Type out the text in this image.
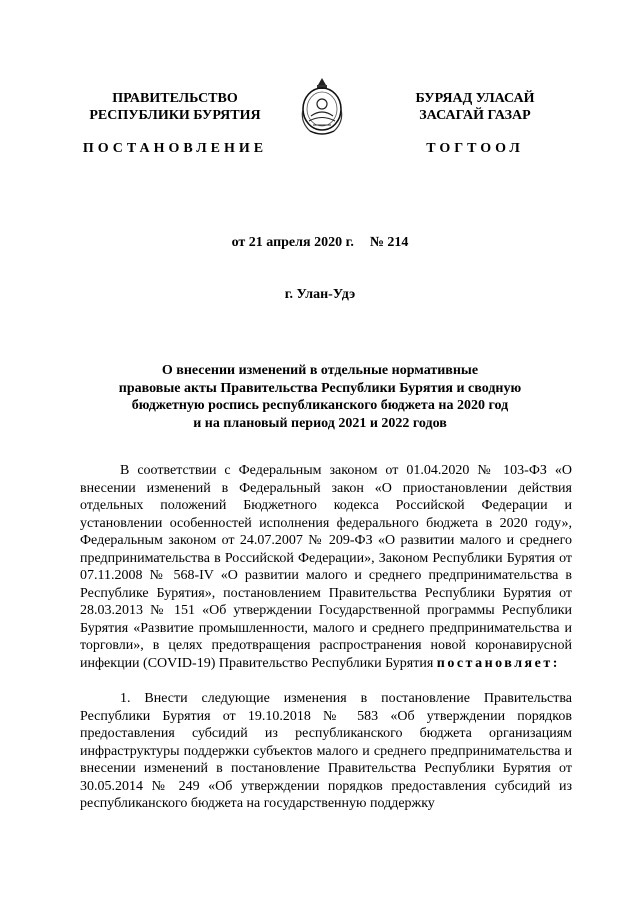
ПРАВИТЕЛЬСТВО
РЕСПУБЛИКИ БУРЯТИЯ
БУРЯАД УЛАСАЙ
ЗАСАГАЙ ГАЗАР
ПОСТАНОВЛЕНИЕ	ТОГТООЛ
от 21 апреля 2020 г. № 214
г. Улан-Удэ
О внесении изменений в отдельные нормативные
правовые акты Правительства Республики Бурятия и сводную
бюджетную роспись республиканского бюджета на 2020 год
и на плановый период 2021 и 2022 годов

В соответствии с Федеральным законом от 01.04.2020 № 103-ФЗ «О внесении изменений в Федеральный закон «О приостановлении действия отдельных положений Бюджетного кодекса Российской Федерации и установлении особенностей исполнения федерального бюджета в 2020 году», Федеральным законом от 24.07.2007 № 209-ФЗ «О развитии малого и среднего предпринимательства в Российской Федерации», Законом Республики Бурятия от 07.11.2008 № 568-IV «О развитии малого и среднего предпринимательства в Республике Бурятия», постановлением Правительства Республики Бурятия от 28.03.2013 № 151 «Об утверждении Государственной программы Республики Бурятия «Развитие промышленности, малого и среднего предпринимательства и торговли», в целях предотвращения распространения новой коронавирусной инфекции (COVID-19) Правительство Республики Бурятия постановляет:

1. Внести следующие изменения в постановление Правительства Республики Бурятия от 19.10.2018 № 583 «Об утверждении порядков предоставления субсидий из республиканского бюджета организациям инфраструктуры поддержки субъектов малого и среднего предпринимательства и внесении изменений в постановление Правительства Республики Бурятия от 30.05.2014 № 249 «Об утверждении порядков предоставления субсидий из республиканского бюджета на государственную поддержку
